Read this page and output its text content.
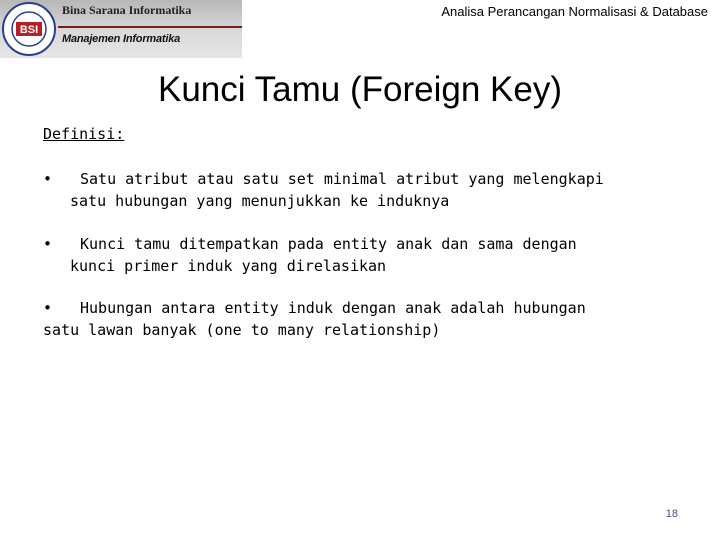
BSI
Bina Sarana Informatika
Manajemen Informatika
Analisa Perancangan Normalisasi & Database
Kunci Tamu (Foreign Key)
Definisi:
• Satu atribut atau satu set minimal atribut yang melengkapi
satu hubungan yang menunjukkan ke induknya
• Kunci tamu ditempatkan pada entity anak dan sama dengan
kunci primer induk yang direlasikan
• Hubungan antara entity induk dengan anak adalah hubungan
satu lawan banyak (one to many relationship)
18
